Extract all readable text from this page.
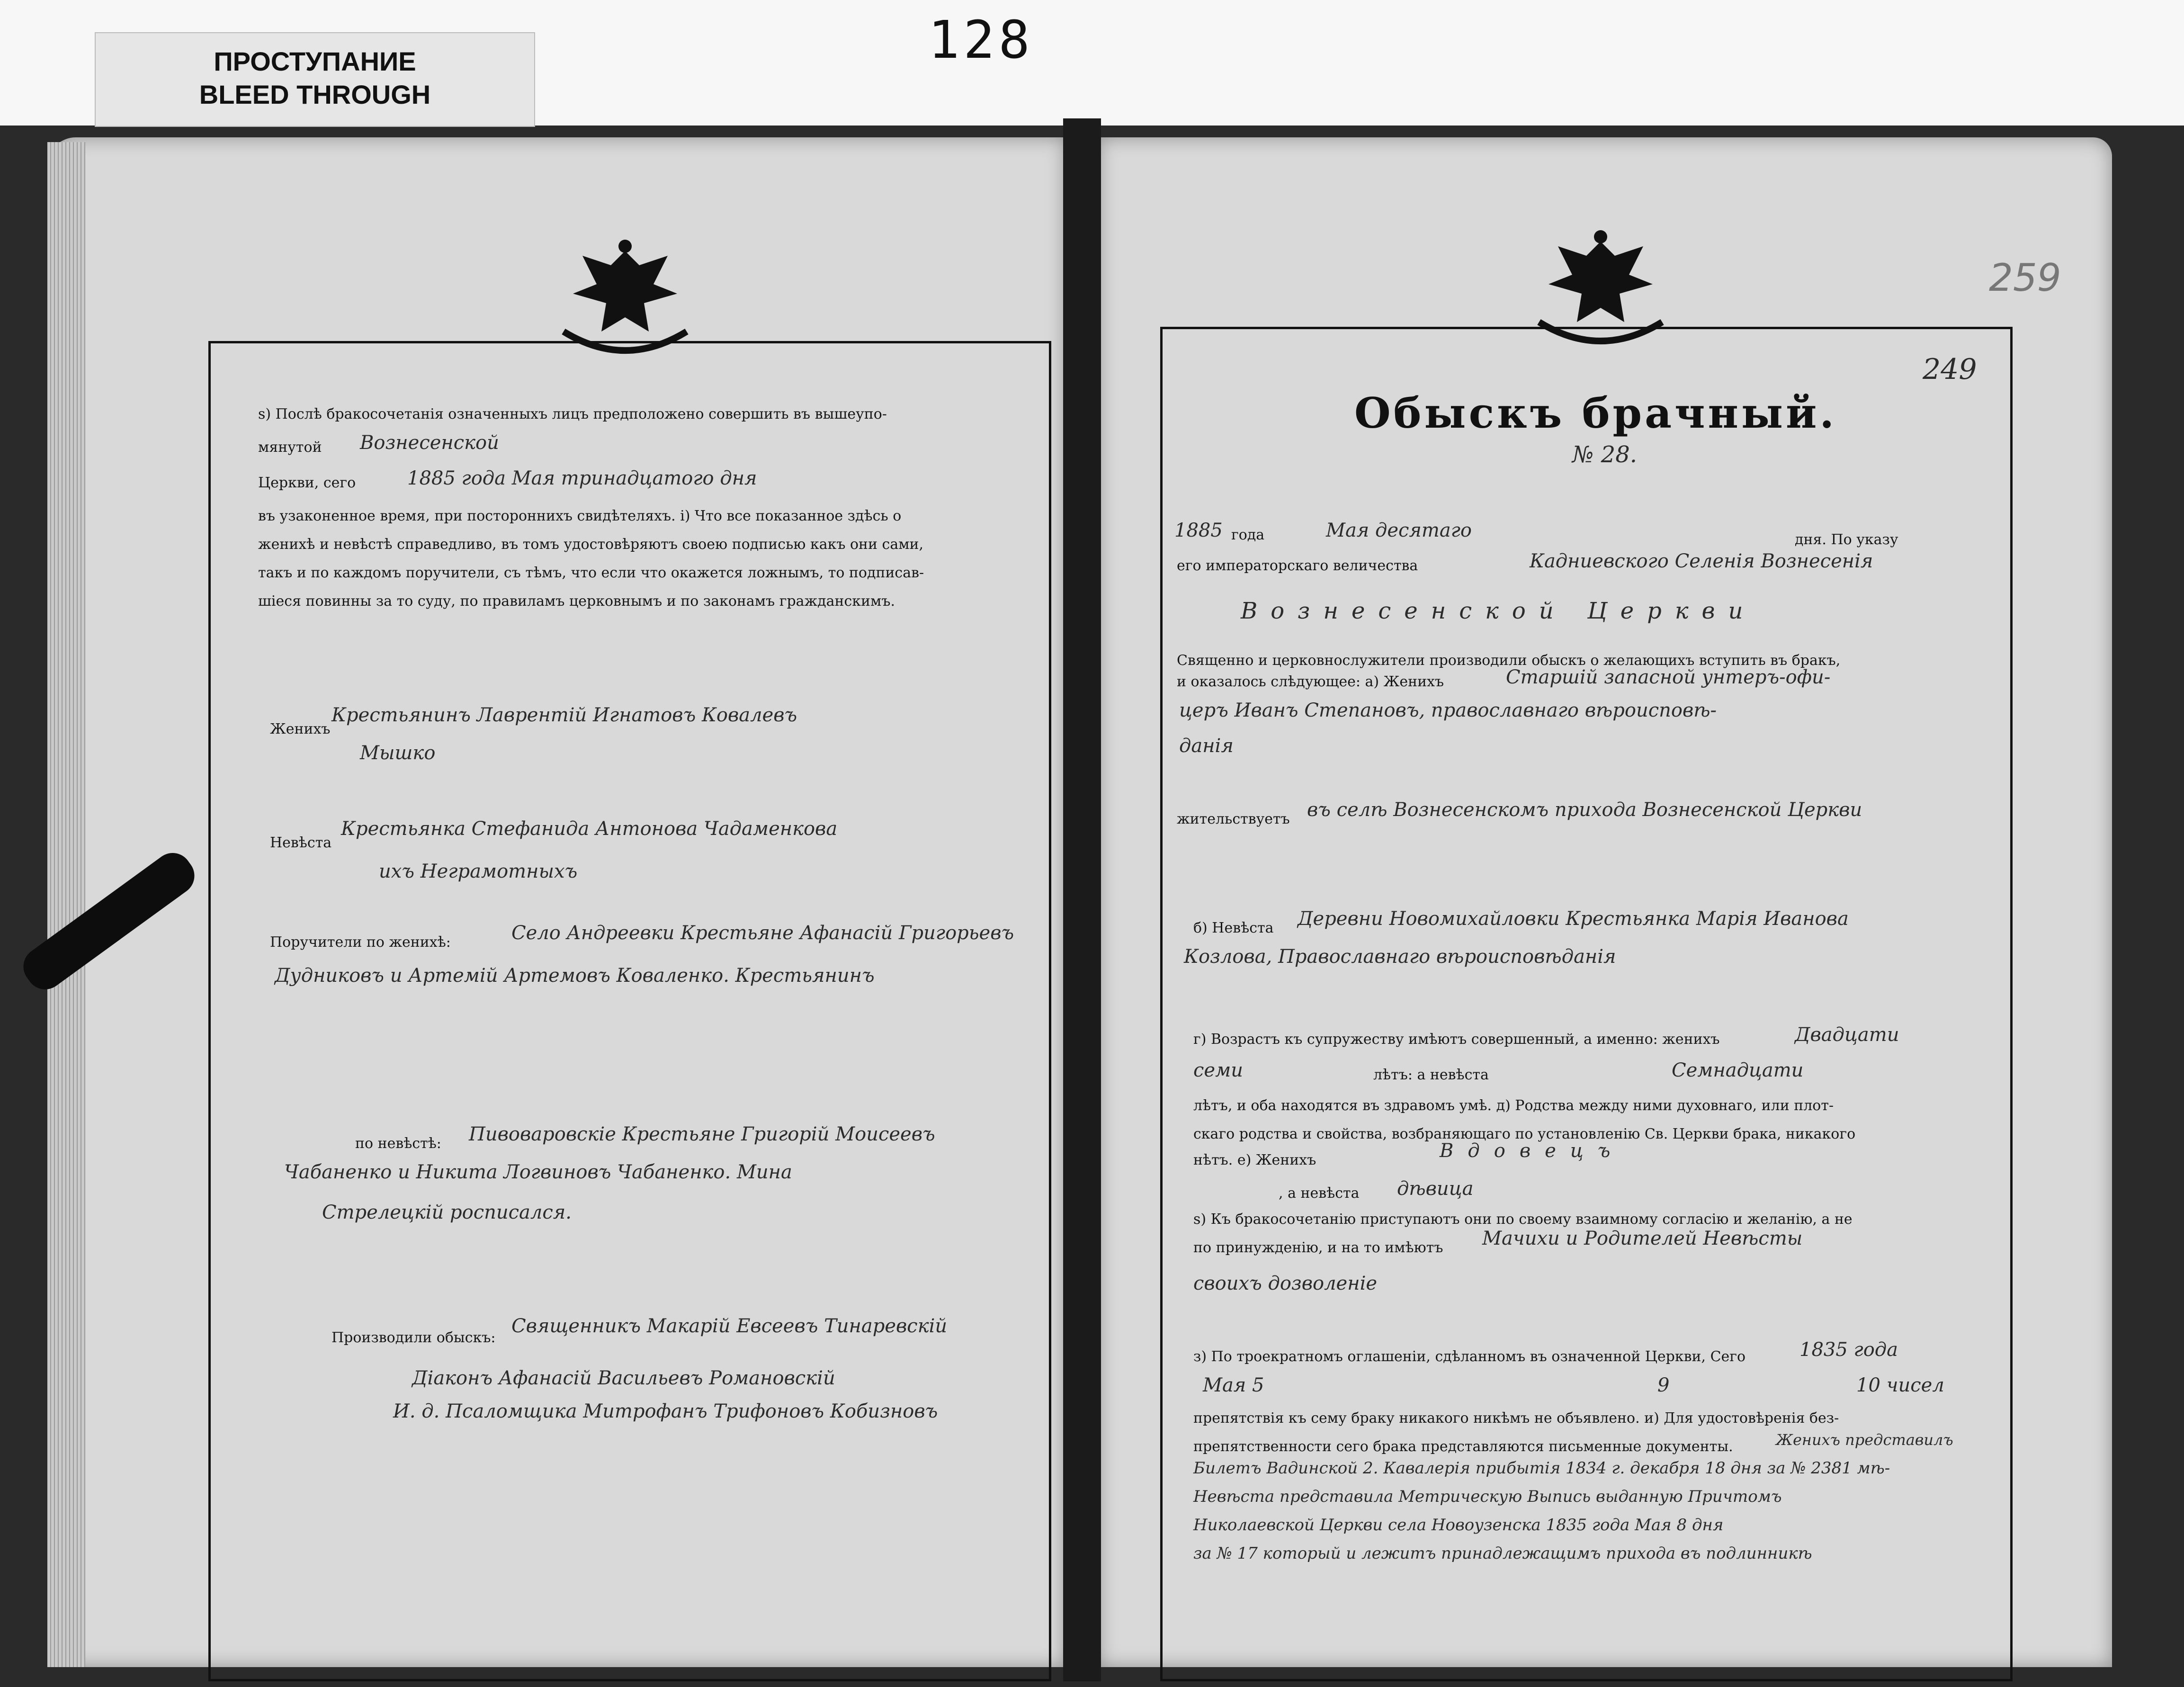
ПРОСТУПАНИЕ
BLEED THROUGH
128
ѕ) Послѣ бракосочетанія означенныхъ лицъ предположено совершить въ вышеупо-
мянутой Вознесенской
Церкви, сего	1885 года Мая тринадцатого дня
въ узаконенное время, при постороннихъ свидѣтеляхъ. і) Что все показанное здѣсь о
женихѣ и невѣстѣ справедливо, въ томъ удостовѣряютъ своею подписью какъ они сами,
такъ и по каждомъ поручители, съ тѣмъ, что если что окажется ложнымъ, то подписав-
шіеся повинны за то суду, по правиламъ церковнымъ и по законамъ гражданскимъ.
Женихъ
Крестьянинъ Лаврентій Игнатовъ Ковалевъ
Мышко
Невѣста
Крестьянка Стефанида Антонова Чадаменкова
ихъ Неграмотныхъ
Поручители по женихѣ:	Село Андреевки Крестьяне Афанасій Григорьевъ
Дудниковъ и Артемій Артемовъ Коваленко. Крестьянинъ
по невѣстѣ: Пивоваровскіе Крестьяне Григорій Моисеевъ
Чабаненко и Никита Логвиновъ Чабаненко. Мина
Стрелецкій росписался.
Производили обыскъ:
Священникъ Макарій Евсеевъ Тинаревскій
Діаконъ Афанасій Васильевъ Романовскій
И. д. Псаломщика Митрофанъ Трифоновъ Кобизновъ
259
249
Обыскъ брачный.
№ 28.
1885 года	Мая десятаго	дня. По указу
его императорскаго величества	Кадниевского Селенія Вознесенія
Вознесенской Церкви
Священно и церковнослужители производили обыскъ о желающихъ вступить въ бракъ,
и оказалось слѣдующее: а) Женихъ	Старшій запасной унтеръ-офи-
церъ Иванъ Степановъ, православнаго вѣроисповѣ-
данія
жительствуетъ въ селѣ Вознесенскомъ прихода Вознесенской Церкви
б) Невѣста Деревни Новомихайловки Крестьянка Марія Иванова
Козлова, Православнаго вѣроисповѣданія
г) Возрастъ къ супружеству имѣютъ совершенный, а именно: женихъ	Двадцати
семи	лѣтъ: а невѣста	Семнадцати
лѣтъ, и оба находятся въ здравомъ умѣ. д) Родства между ними духовнаго, или плот-
скаго родства и свойства, возбраняющаго по установленію Св. Церкви брака, никакого
нѣтъ. е) Женихъ	Вдовецъ
, а невѣста дѣвица
ѕ) Къ бракосочетанію приступаютъ они по своему взаимному согласію и желанію, а не
по принужденію, и на то имѣютъ Мачихи и Родителей Невѣсты
своихъ дозволеніе
з) По троекратномъ оглашеніи, сдѣланномъ въ означенной Церкви, Сего	1835 года
Мая 5	9	10 чисел
препятствія къ сему браку никакого никѣмъ не объявлено. и) Для удостовѣренія без-
препятственности сего брака представляются письменные документы.	Женихъ представилъ
Билетъ Вадинской 2. Кавалерія прибытія 1834 г. декабря 18 дня за № 2381 мѣ-
Невѣста представила Метрическую Выпись выданную Причтомъ
Николаевской Церкви села Новоузенска 1835 года Мая 8 дня
за № 17 который и лежитъ принадлежащимъ прихода въ подлинникѣ
